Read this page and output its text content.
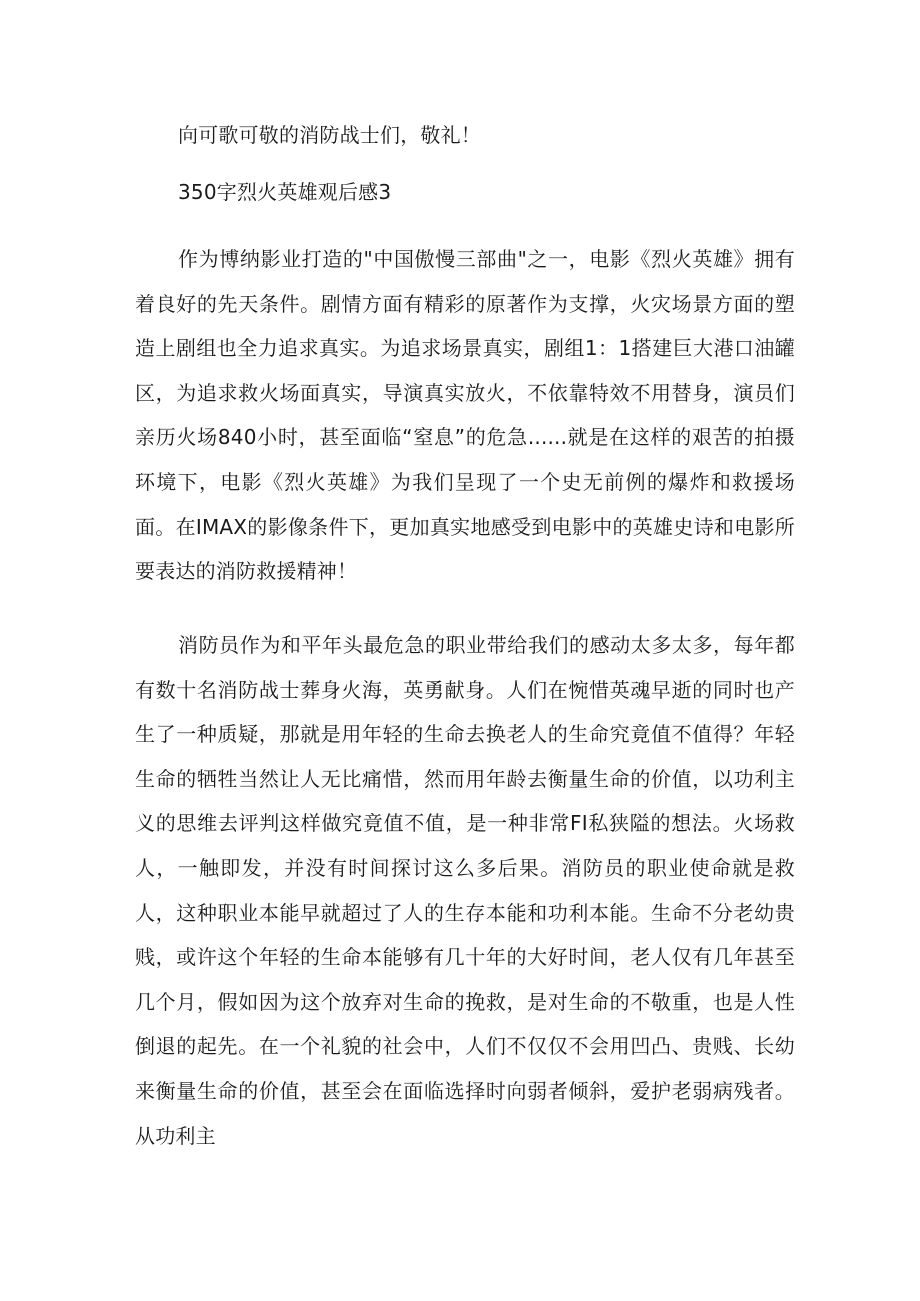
向可歌可敬的消防战士们，敬礼！

350字烈火英雄观后感3

作为博纳影业打造的"中国傲慢三部曲"之一，电影《烈火英雄》拥有着良好的先天条件。剧情方面有精彩的原著作为支撑，火灾场景方面的塑造上剧组也全力追求真实。为追求场景真实，剧组1：1搭建巨大港口油罐区，为追求救火场面真实，导演真实放火，不依靠特效不用替身，演员们亲历火场840小时，甚至面临“窒息”的危急......就是在这样的艰苦的拍摄环境下，电影《烈火英雄》为我们呈现了一个史无前例的爆炸和救援场面。在IMAX的影像条件下，更加真实地感受到电影中的英雄史诗和电影所要表达的消防救援精神！

消防员作为和平年头最危急的职业带给我们的感动太多太多，每年都有数十名消防战士葬身火海，英勇献身。人们在惋惜英魂早逝的同时也产生了一种质疑，那就是用年轻的生命去换老人的生命究竟值不值得？年轻生命的牺牲当然让人无比痛惜，然而用年龄去衡量生命的价值，以功利主义的思维去评判这样做究竟值不值，是一种非常FI私狭隘的想法。火场救人，一触即发，并没有时间探讨这么多后果。消防员的职业使命就是救人，这种职业本能早就超过了人的生存本能和功利本能。生命不分老幼贵贱，或许这个年轻的生命本能够有几十年的大好时间，老人仅有几年甚至几个月，假如因为这个放弃对生命的挽救，是对生命的不敬重，也是人性倒退的起先。在一个礼貌的社会中，人们不仅仅不会用凹凸、贵贱、长幼来衡量生命的价值，甚至会在面临选择时向弱者倾斜，爱护老弱病残者。从功利主
